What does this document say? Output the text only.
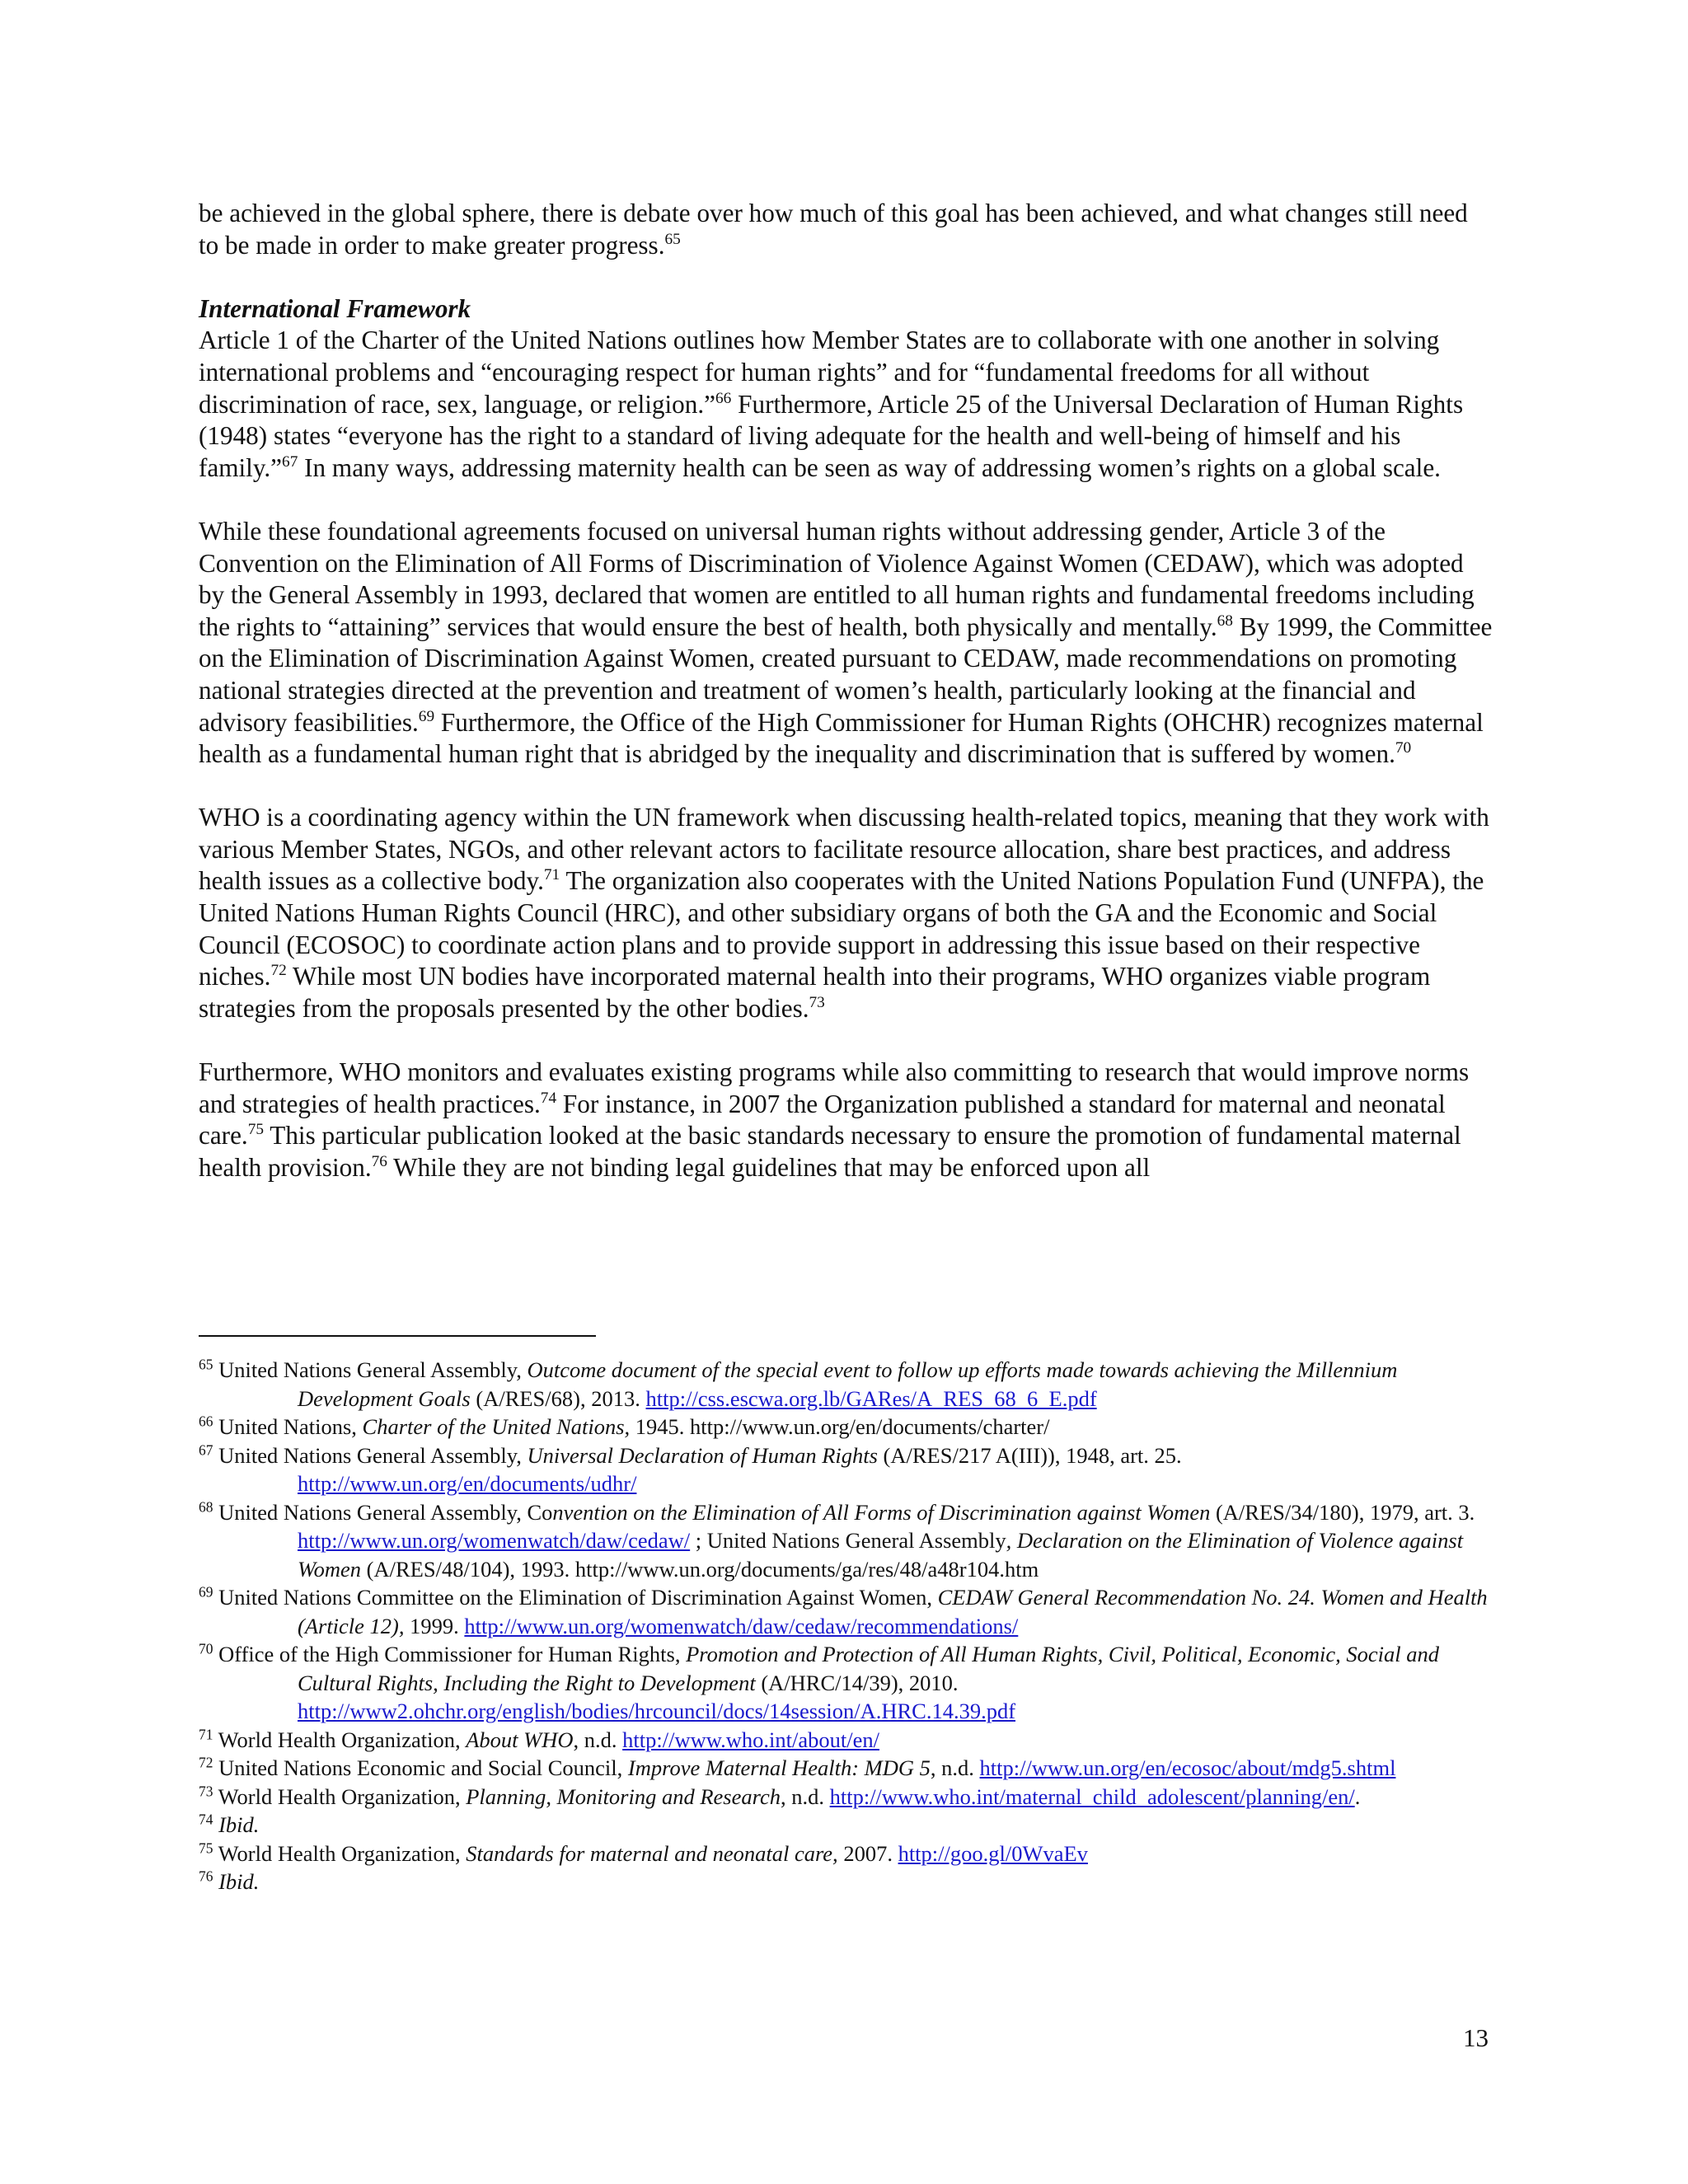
be achieved in the global sphere, there is debate over how much of this goal has been achieved, and what changes still need to be made in order to make greater progress.$^{65}$

International Framework

Article 1 of the Charter of the United Nations outlines how Member States are to collaborate with one another in solving international problems and “encouraging respect for human rights” and for “fundamental freedoms for all without discrimination of race, sex, language, or religion.”$^{66}$ Furthermore, Article 25 of the Universal Declaration of Human Rights (1948) states “everyone has the right to a standard of living adequate for the health and well-being of himself and his family.”$^{67}$ In many ways, addressing maternity health can be seen as way of addressing women’s rights on a global scale.

While these foundational agreements focused on universal human rights without addressing gender, Article 3 of the Convention on the Elimination of All Forms of Discrimination of Violence Against Women (CEDAW), which was adopted by the General Assembly in 1993, declared that women are entitled to all human rights and fundamental freedoms including the rights to “attaining” services that would ensure the best of health, both physically and mentally.$^{68}$ By 1999, the Committee on the Elimination of Discrimination Against Women, created pursuant to CEDAW, made recommendations on promoting national strategies directed at the prevention and treatment of women’s health, particularly looking at the financial and advisory feasibilities.$^{69}$ Furthermore, the Office of the High Commissioner for Human Rights (OHCHR) recognizes maternal health as a fundamental human right that is abridged by the inequality and discrimination that is suffered by women.$^{70}$

WHO is a coordinating agency within the UN framework when discussing health-related topics, meaning that they work with various Member States, NGOs, and other relevant actors to facilitate resource allocation, share best practices, and address health issues as a collective body.$^{71}$ The organization also cooperates with the United Nations Population Fund (UNFPA), the United Nations Human Rights Council (HRC), and other subsidiary organs of both the GA and the Economic and Social Council (ECOSOC) to coordinate action plans and to provide support in addressing this issue based on their respective niches.$^{72}$ While most UN bodies have incorporated maternal health into their programs, WHO organizes viable program strategies from the proposals presented by the other bodies.$^{73}$

Furthermore, WHO monitors and evaluates existing programs while also committing to research that would improve norms and strategies of health practices.$^{74}$ For instance, in 2007 the Organization published a standard for maternal and neonatal care.$^{75}$ This particular publication looked at the basic standards necessary to ensure the promotion of fundamental maternal health provision.$^{76}$ While they are not binding legal guidelines that may be enforced upon all

$^{65}$ United Nations General Assembly, Outcome document of the special event to follow up efforts made towards achieving the Millennium Development Goals (A/RES/68), 2013. http://css.escwa.org.lb/GARes/A_RES_68_6_E.pdf

$^{66}$ United Nations, Charter of the United Nations, 1945. http://www.un.org/en/documents/charter/

$^{67}$ United Nations General Assembly, Universal Declaration of Human Rights (A/RES/217 A(III)), 1948, art. 25. http://www.un.org/en/documents/udhr/

$^{68}$ United Nations General Assembly, Convention on the Elimination of All Forms of Discrimination against Women (A/RES/34/180), 1979, art. 3. http://www.un.org/womenwatch/daw/cedaw/ ; United Nations General Assembly, Declaration on the Elimination of Violence against Women (A/RES/48/104), 1993. http://www.un.org/documents/ga/res/48/a48r104.htm

$^{69}$ United Nations Committee on the Elimination of Discrimination Against Women, CEDAW General Recommendation No. 24. Women and Health (Article 12), 1999. http://www.un.org/womenwatch/daw/cedaw/recommendations/

$^{70}$ Office of the High Commissioner for Human Rights, Promotion and Protection of All Human Rights, Civil, Political, Economic, Social and Cultural Rights, Including the Right to Development (A/HRC/14/39), 2010. http://www2.ohchr.org/english/bodies/hrcouncil/docs/14session/A.HRC.14.39.pdf

$^{71}$ World Health Organization, About WHO, n.d. http://www.who.int/about/en/

$^{72}$ United Nations Economic and Social Council, Improve Maternal Health: MDG 5, n.d. http://www.un.org/en/ecosoc/about/mdg5.shtml

$^{73}$ World Health Organization, Planning, Monitoring and Research, n.d. http://www.who.int/maternal_child_adolescent/planning/en/.

$^{74}$ Ibid.

$^{75}$ World Health Organization, Standards for maternal and neonatal care, 2007. http://goo.gl/0WvaEv

$^{76}$ Ibid.

13
